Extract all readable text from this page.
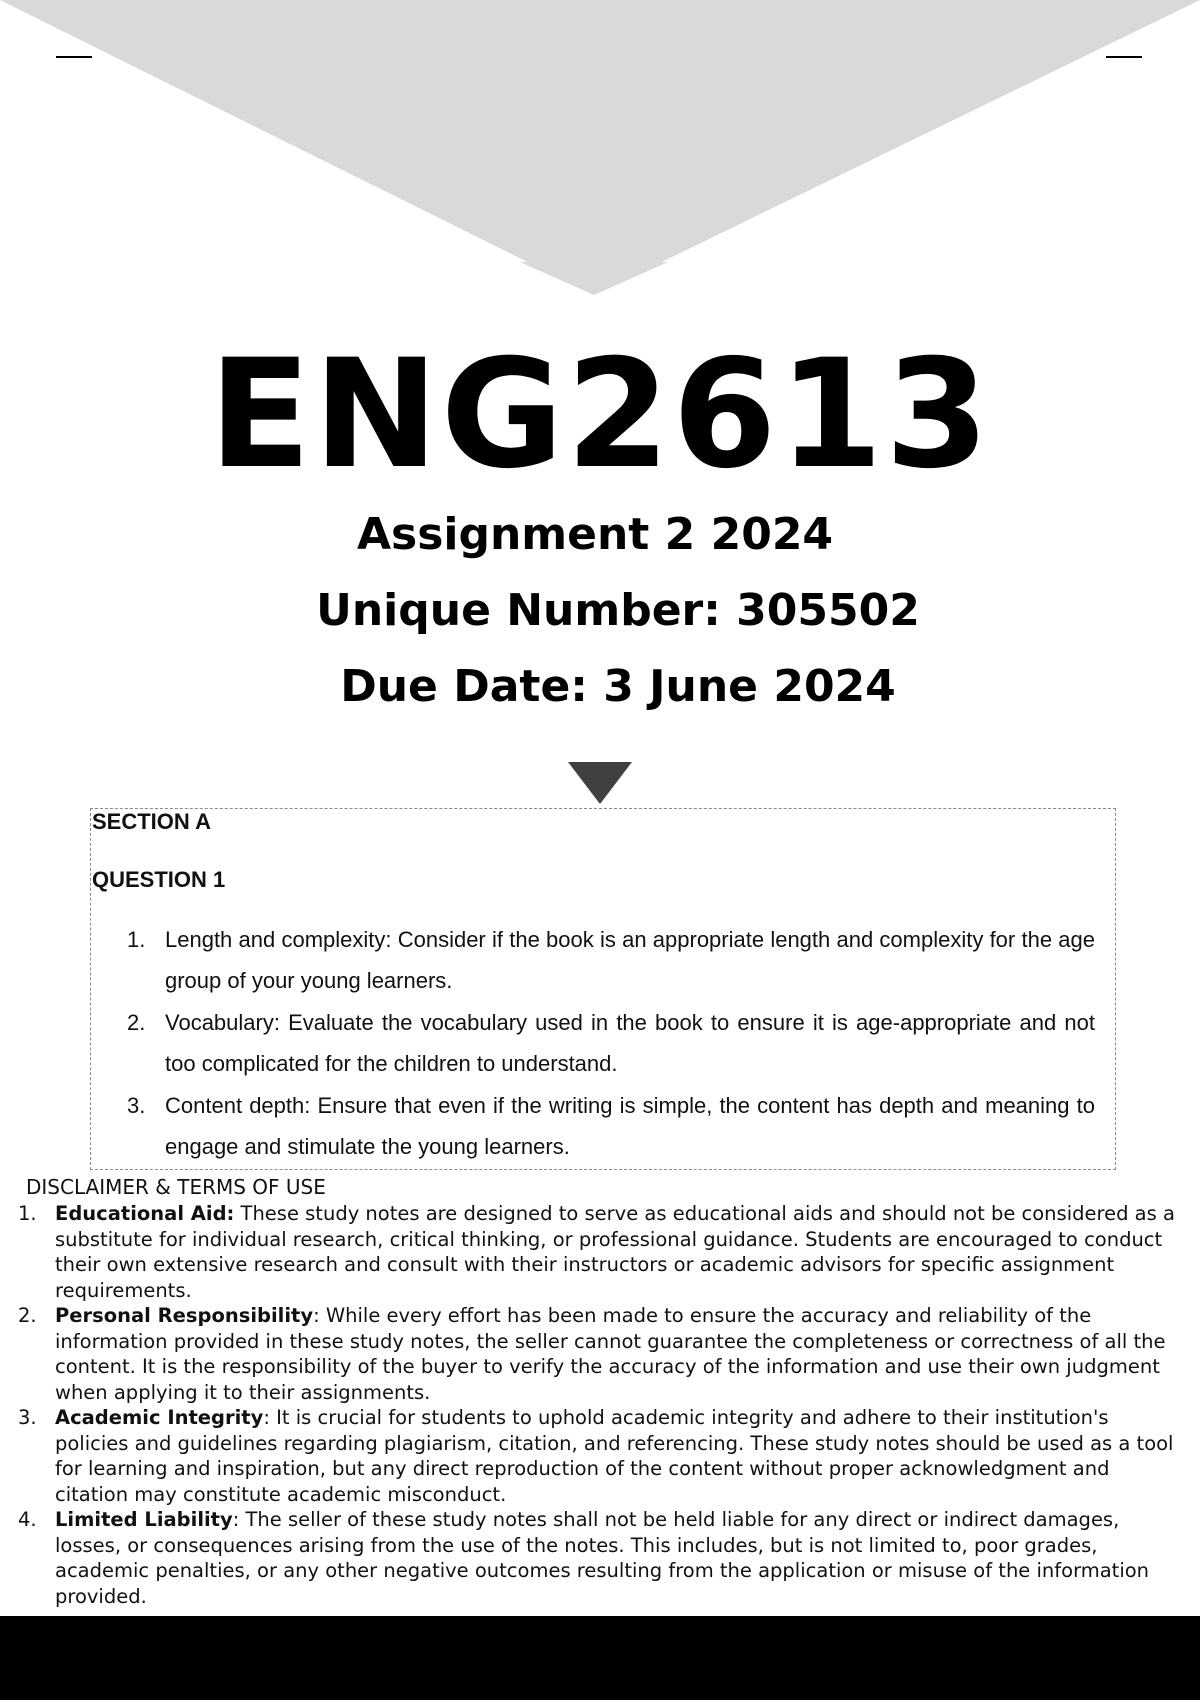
ENG2613
Assignment 2 2024
Unique Number: 305502
Due Date: 3 June 2024
SECTION A
QUESTION 1
1. Length and complexity: Consider if the book is an appropriate length and complexity for the age group of your young learners.
2. Vocabulary: Evaluate the vocabulary used in the book to ensure it is age-appropriate and not too complicated for the children to understand.
3. Content depth: Ensure that even if the writing is simple, the content has depth and meaning to engage and stimulate the young learners.
DISCLAIMER & TERMS OF USE
1. Educational Aid: These study notes are designed to serve as educational aids and should not be considered as a substitute for individual research, critical thinking, or professional guidance. Students are encouraged to conduct their own extensive research and consult with their instructors or academic advisors for specific assignment requirements.
2. Personal Responsibility: While every effort has been made to ensure the accuracy and reliability of the information provided in these study notes, the seller cannot guarantee the completeness or correctness of all the content. It is the responsibility of the buyer to verify the accuracy of the information and use their own judgment when applying it to their assignments.
3. Academic Integrity: It is crucial for students to uphold academic integrity and adhere to their institution's policies and guidelines regarding plagiarism, citation, and referencing. These study notes should be used as a tool for learning and inspiration, but any direct reproduction of the content without proper acknowledgment and citation may constitute academic misconduct.
4. Limited Liability: The seller of these study notes shall not be held liable for any direct or indirect damages, losses, or consequences arising from the use of the notes. This includes, but is not limited to, poor grades, academic penalties, or any other negative outcomes resulting from the application or misuse of the information provided.
